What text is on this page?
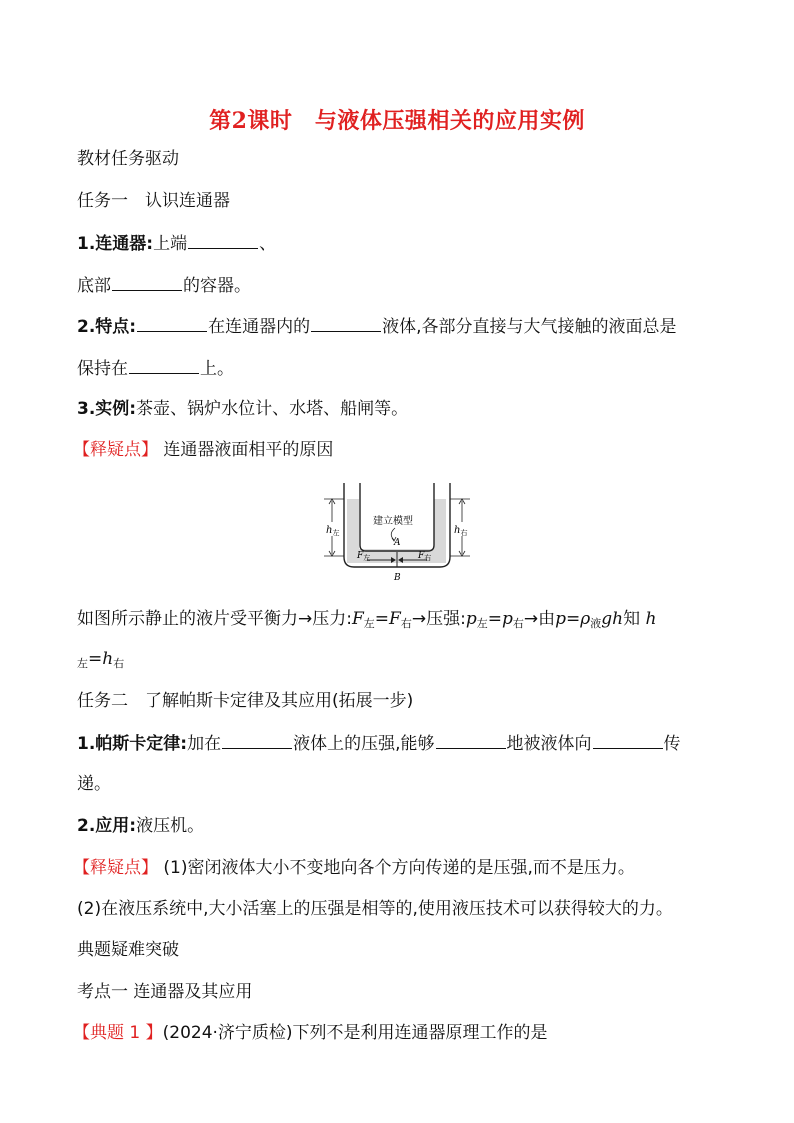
第2课时　与液体压强相关的应用实例
教材任务驱动
任务一　认识连通器
1.连通器:上端	、
底部	的容器。
2.特点:	在连通器内的	液体,各部分直接与大气接触的液面总是
保持在	上。
3.实例:茶壶、锅炉水位计、水塔、船闸等。
【释疑点】 连通器液面相平的原因
$h_左$	$h_右$
建立模型
A
$F_左$	$F_右$
B
如图所示静止的液片受平衡力→压力$:F_左=F_右\to$压强$:p_左=p_右\to$由$p=\rho_液gh$知 h
$_左=h_右$
任务二　了解帕斯卡定律及其应用(拓展一步)
1.帕斯卡定律:加在	液体上的压强,能够	地被液体向	传
递。
2.应用:液压机。
【释疑点】 (1)密闭液体大小不变地向各个方向传递的是压强,而不是压力。
(2)在液压系统中,大小活塞上的压强是相等的,使用液压技术可以获得较大的力。
典题疑难突破
考点一 连通器及其应用
【典题 1 】(2024·济宁质检)下列不是利用连通器原理工作的是
